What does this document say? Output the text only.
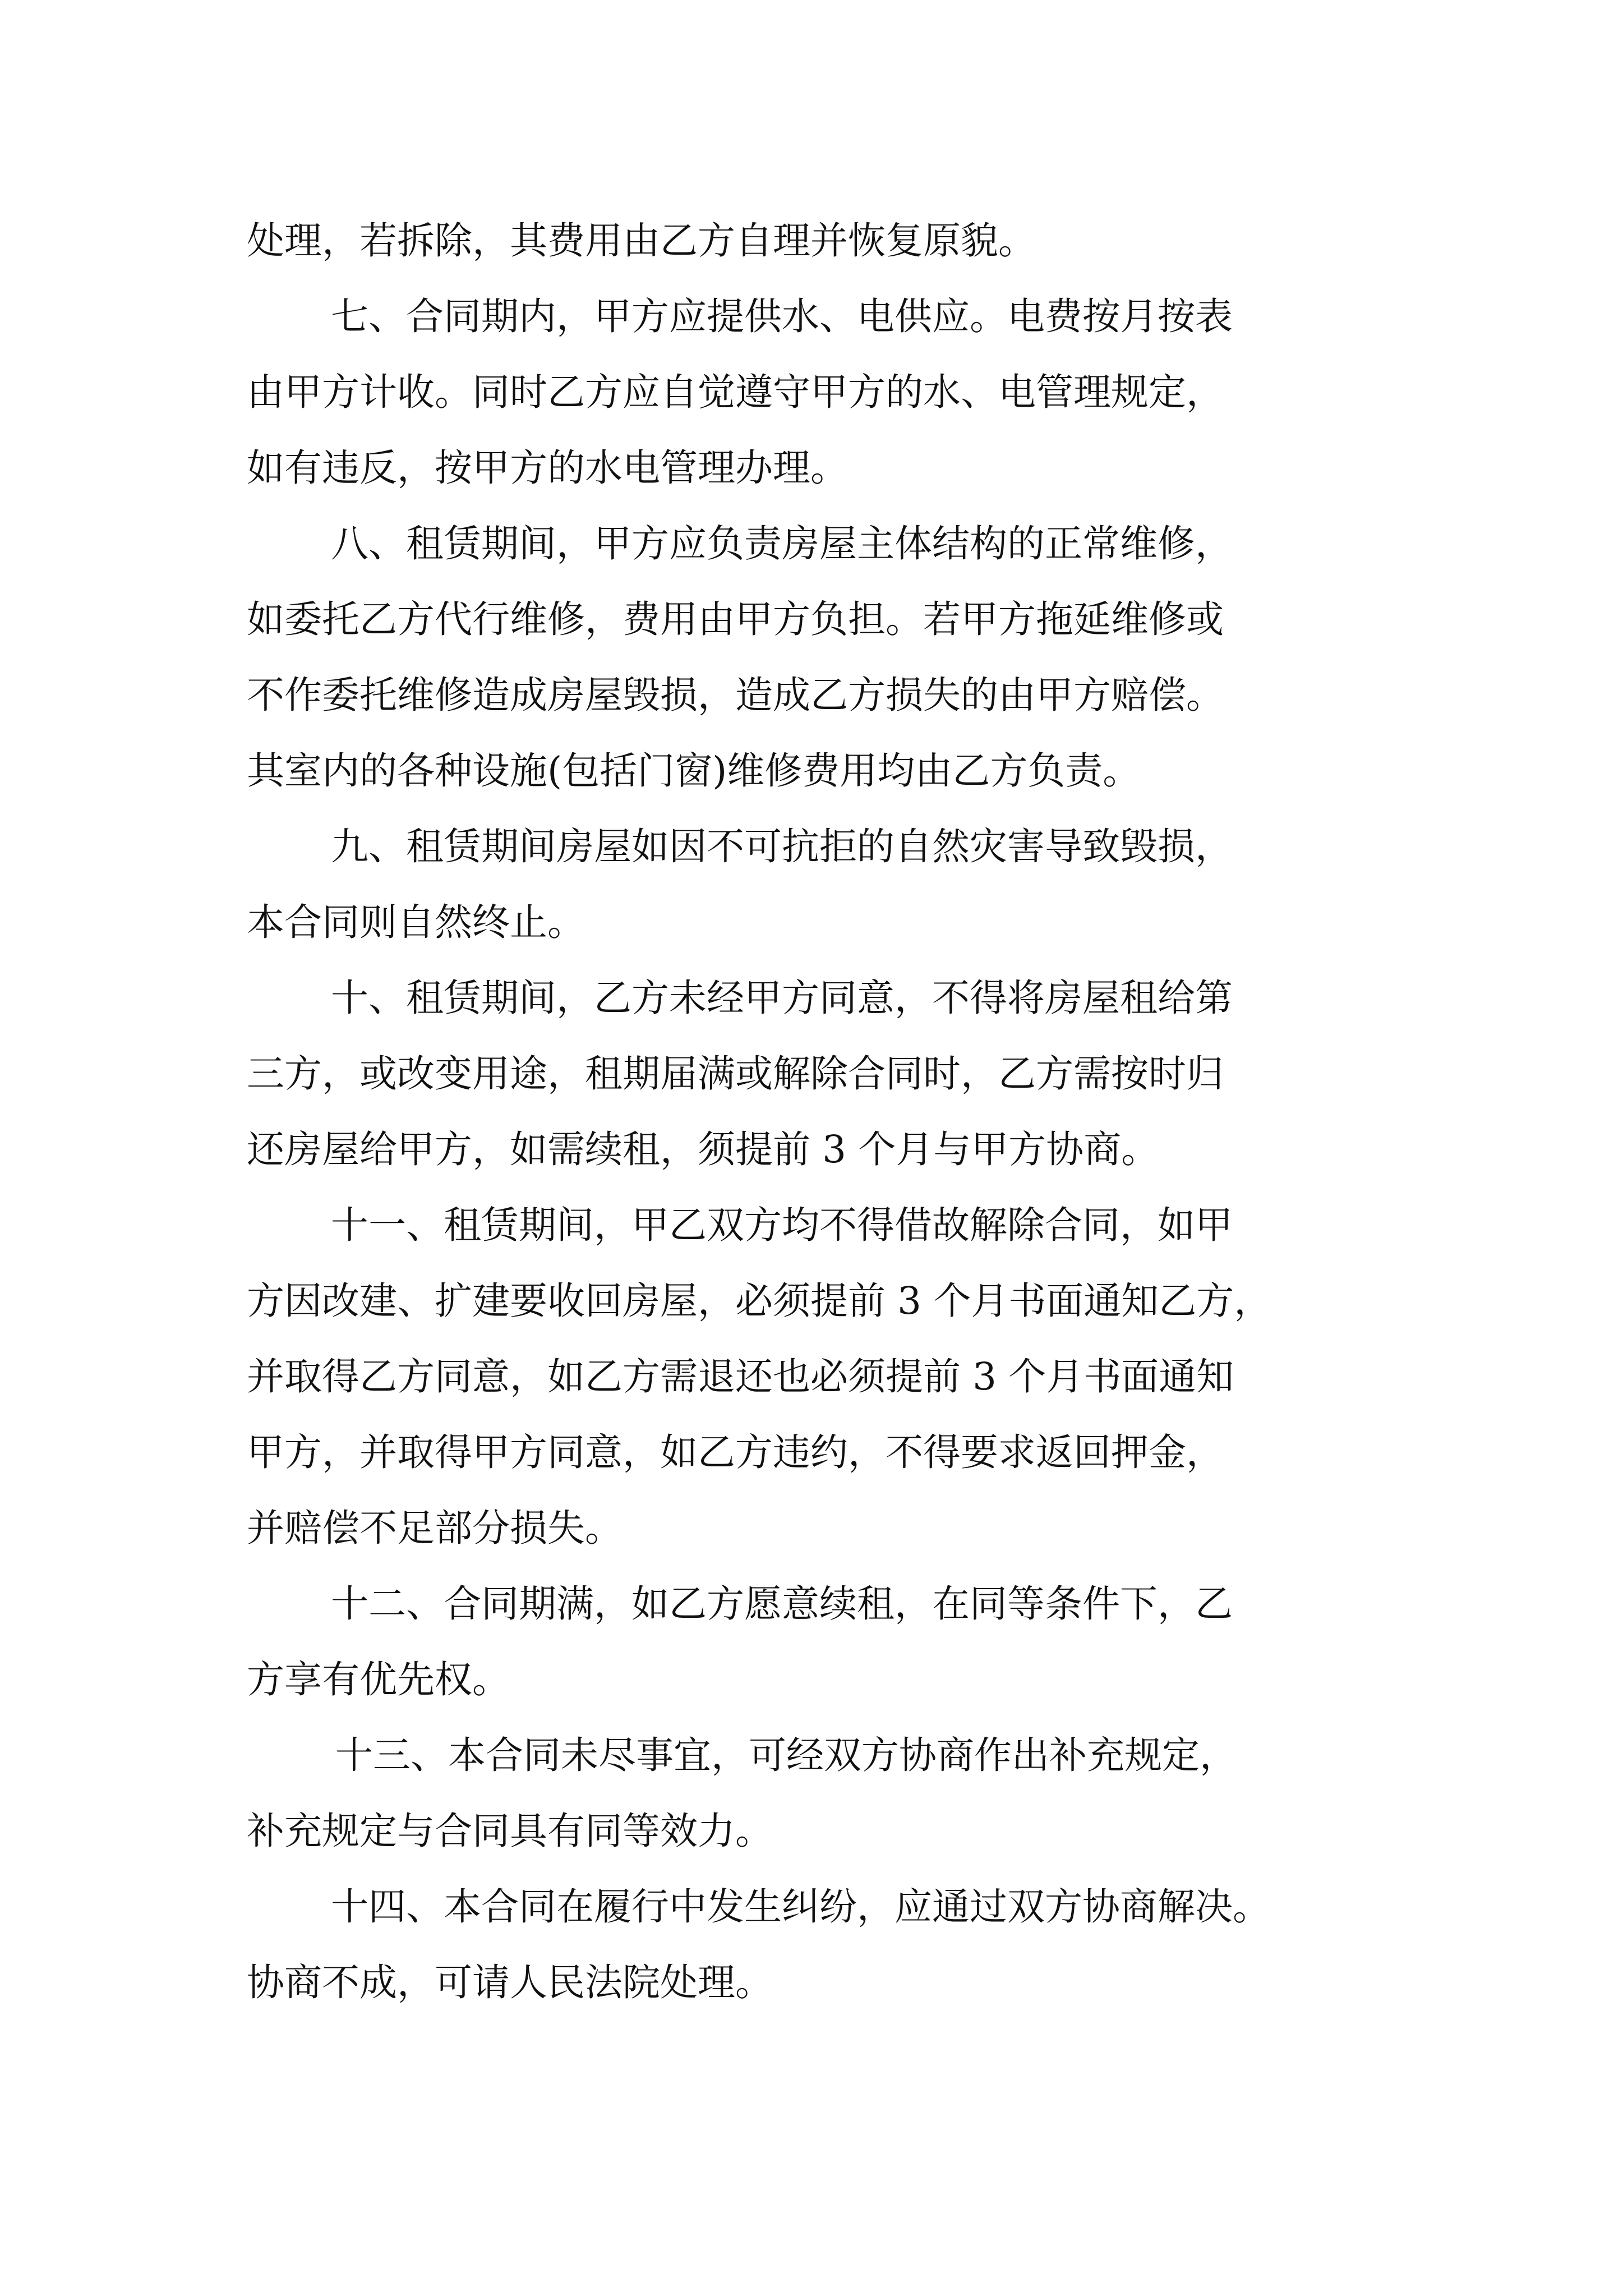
处理，若拆除，其费用由乙方自理并恢复原貌。
七、合同期内，甲方应提供水、电供应。电费按月按表
由甲方计收。同时乙方应自觉遵守甲方的水、电管理规定，
如有违反，按甲方的水电管理办理。
八、租赁期间，甲方应负责房屋主体结构的正常维修，
如委托乙方代行维修，费用由甲方负担。若甲方拖延维修或
不作委托维修造成房屋毁损，造成乙方损失的由甲方赔偿。
其室内的各种设施(包括门窗)维修费用均由乙方负责。
九、租赁期间房屋如因不可抗拒的自然灾害导致毁损，
本合同则自然终止。
十、租赁期间，乙方未经甲方同意，不得将房屋租给第
三方，或改变用途，租期届满或解除合同时，乙方需按时归
还房屋给甲方，如需续租，须提前 3 个月与甲方协商。
十一、租赁期间，甲乙双方均不得借故解除合同，如甲
方因改建、扩建要收回房屋，必须提前 3 个月书面通知乙方，
并取得乙方同意，如乙方需退还也必须提前 3 个月书面通知
甲方，并取得甲方同意，如乙方违约，不得要求返回押金，
并赔偿不足部分损失。
十二、合同期满，如乙方愿意续租，在同等条件下，乙
方享有优先权。
十三、本合同未尽事宜，可经双方协商作出补充规定，
补充规定与合同具有同等效力。
十四、本合同在履行中发生纠纷，应通过双方协商解决。
协商不成，可请人民法院处理。
